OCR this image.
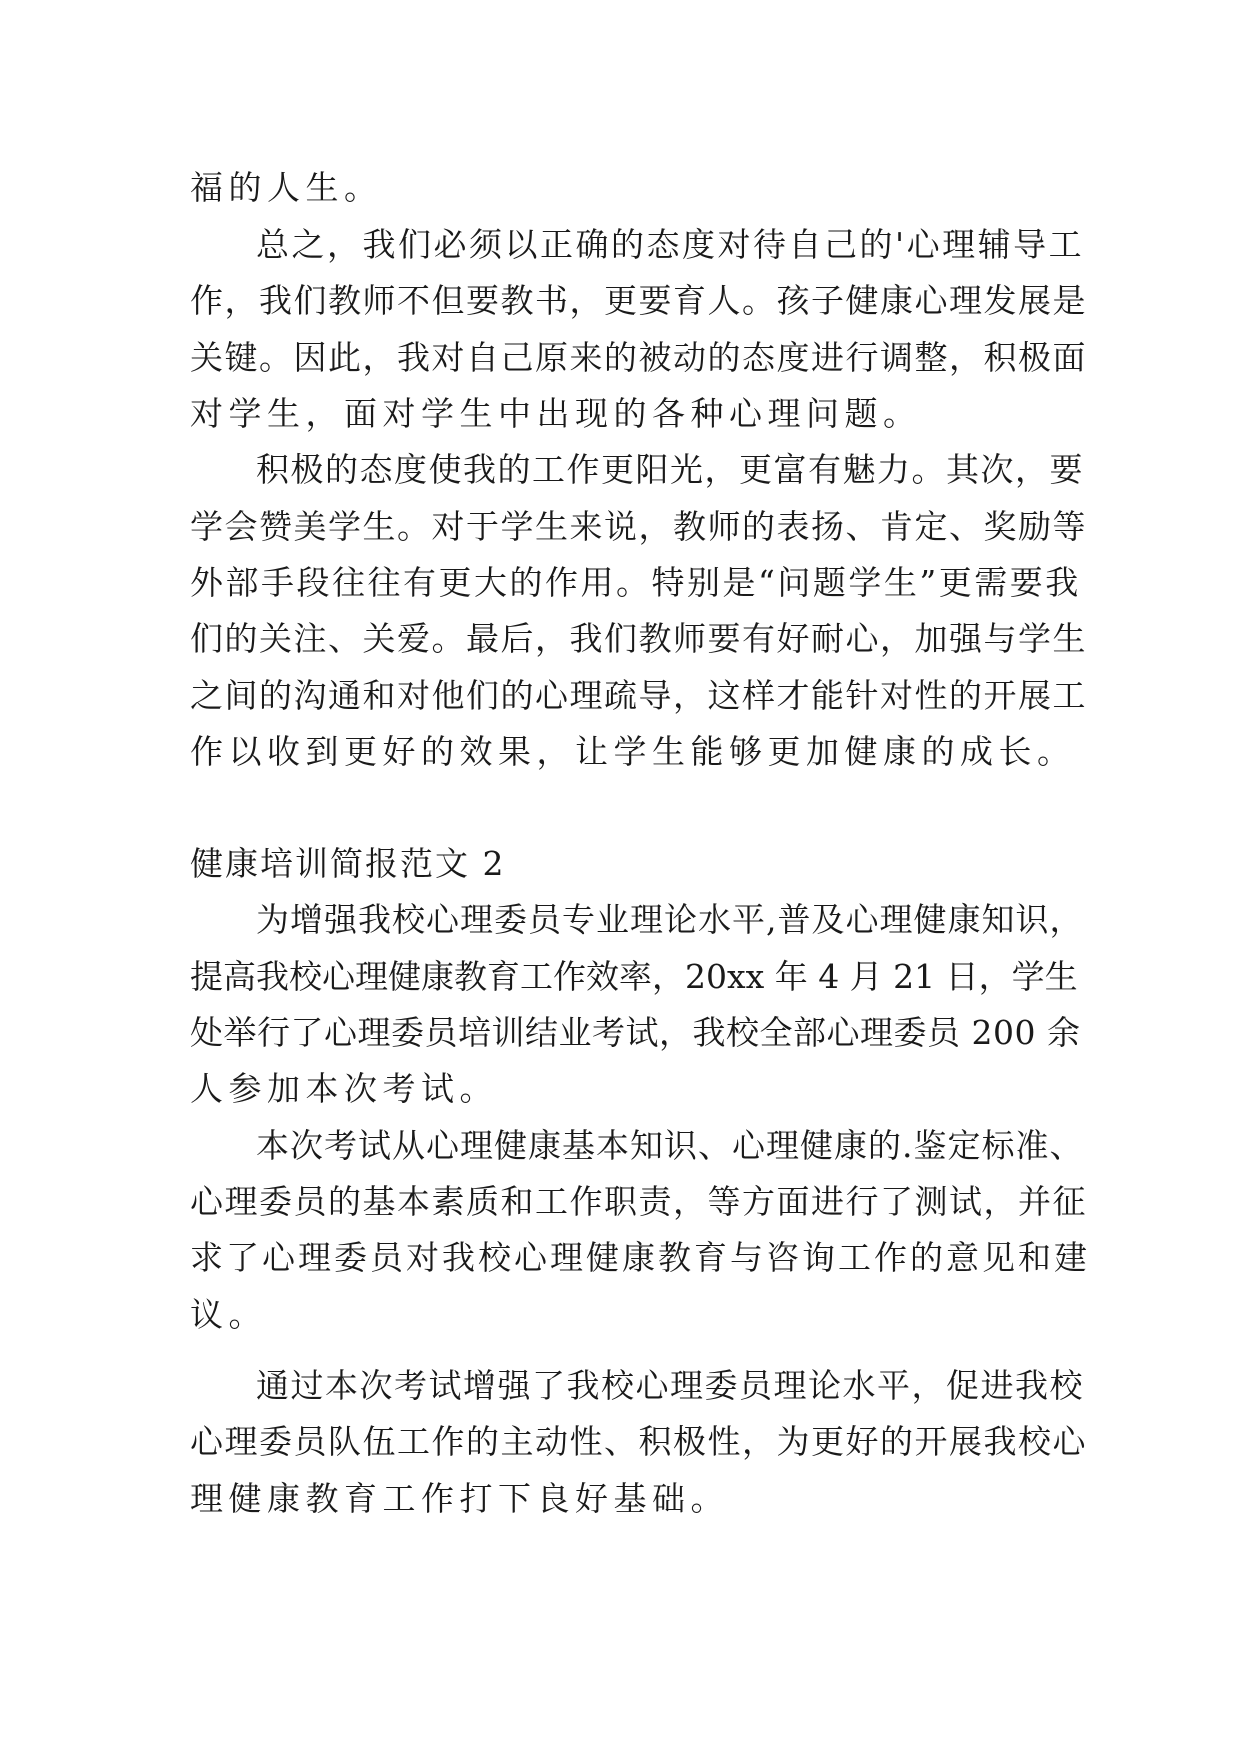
福的人生。
总之，我们必须以正确的态度对待自己的'心理辅导工
作，我们教师不但要教书，更要育人。孩子健康心理发展是
关键。因此，我对自己原来的被动的态度进行调整，积极面
对学生，面对学生中出现的各种心理问题。
积极的态度使我的工作更阳光，更富有魅力。其次，要
学会赞美学生。对于学生来说，教师的表扬、肯定、奖励等
外部手段往往有更大的作用。特别是“问题学生”更需要我
们的关注、关爱。最后，我们教师要有好耐心，加强与学生
之间的沟通和对他们的心理疏导，这样才能针对性的开展工
作以收到更好的效果，让学生能够更加健康的成长。
健康培训简报范文 2
为增强我校心理委员专业理论水平,普及心理健康知识，
提高我校心理健康教育工作效率，20xx 年 4 月 21 日，学生
处举行了心理委员培训结业考试，我校全部心理委员 200 余
人参加本次考试。
本次考试从心理健康基本知识、心理健康的.鉴定标准、
心理委员的基本素质和工作职责，等方面进行了测试，并征
求了心理委员对我校心理健康教育与咨询工作的意见和建
议。
通过本次考试增强了我校心理委员理论水平，促进我校
心理委员队伍工作的主动性、积极性，为更好的开展我校心
理健康教育工作打下良好基础。
